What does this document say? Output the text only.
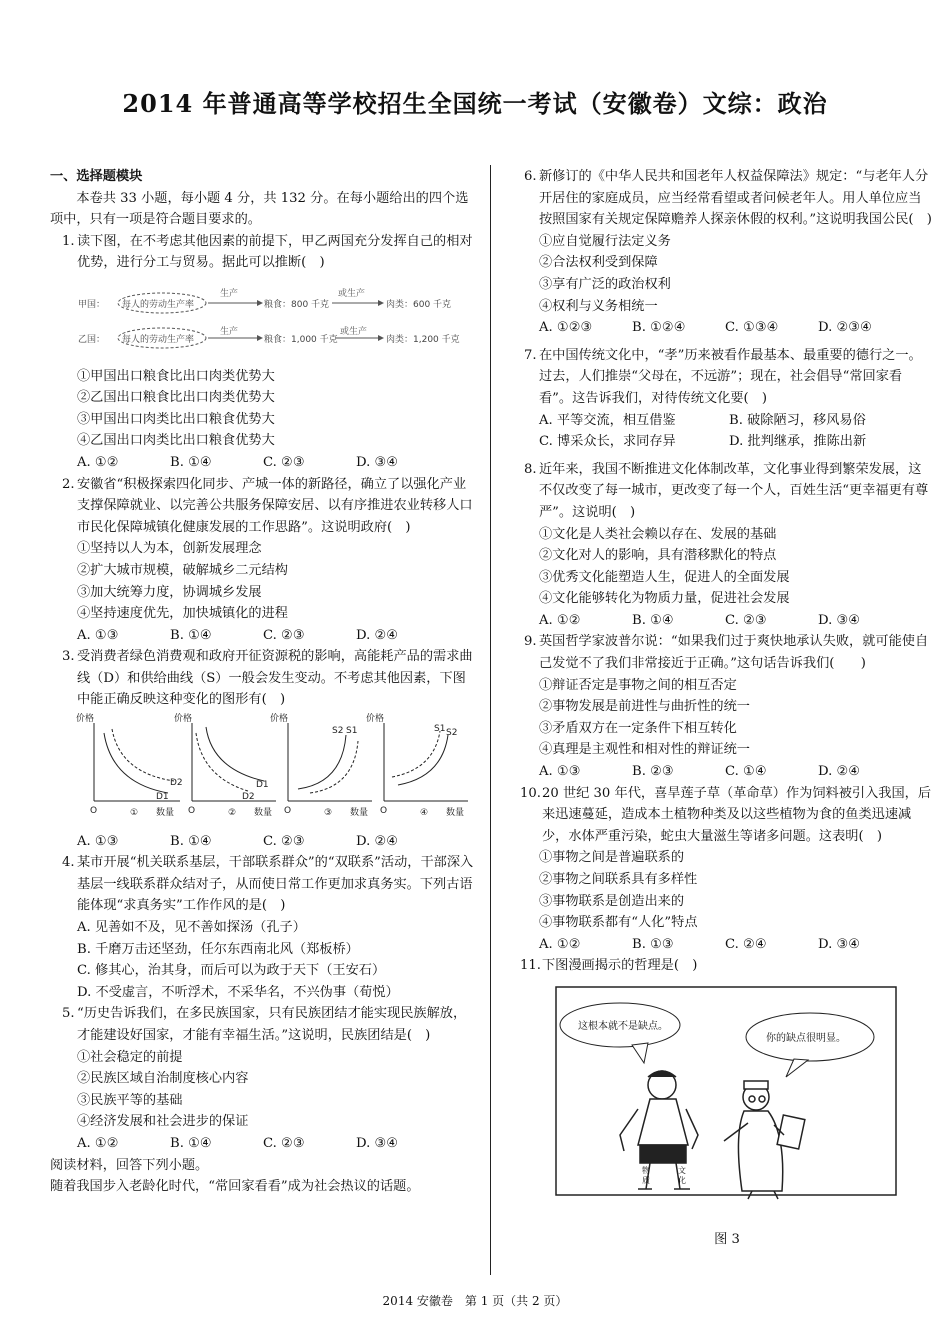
2014 年普通高等学校招生全国统一考试（安徽卷）文综：政治

一、选择题模块

本卷共 33 小题，每小题 4 分，共 132 分。在每小题给出的四个选项中，只有一项是符合题目要求的。

1. 读下图，在不考虑其他因素的前提下，甲乙两国充分发挥自己的相对优势，进行分工与贸易。据此可以推断(　)

甲国： 每人的劳动生产率
生产
粮食：800 千克
或生产
肉类：600 千克
乙国： 每人的劳动生产率
生产
粮食：1,000 千克
或生产
肉类：1,200 千克

①甲国出口粮食比出口肉类优势大

②乙国出口粮食比出口肉类优势大

③甲国出口肉类比出口粮食优势大

④乙国出口肉类比出口粮食优势大

A. ①②	B. ①④	C. ②③	D. ③④

2. 安徽省“积极探索四化同步、产城一体的新路径，确立了以强化产业支撑保障就业、以完善公共服务保障安居、以有序推进农业转移人口市民化保障城镇化健康发展的工作思路”。这说明政府(　)

①坚持以人为本，创新发展理念

②扩大城市规模，破解城乡二元结构

③加大统筹力度，协调城乡发展

④坚持速度优先，加快城镇化的进程

A. ①③	B. ①④	C. ②③	D. ②④

3. 受消费者绿色消费观和政府开征资源税的影响，高能耗产品的需求曲线（D）和供给曲线（S）一般会发生变动。不考虑其他因素，下图中能正确反映这种变化的图形有(　)

价格	价格	价格	价格
O	O	O	O
数量	数量	数量	数量
D2
D1
D1
D2
S2 S1	S1 S2
①	②	③	④

A. ①③	B. ①④	C. ②③	D. ②④

4. 某市开展“机关联系基层，干部联系群众”的“双联系”活动，干部深入基层一线联系群众结对子，从而使日常工作更加求真务实。下列古语能体现“求真务实”工作作风的是(　)

A. 见善如不及，见不善如探汤（孔子）

B. 千磨万击还坚劲，任尔东西南北风（郑板桥）

C. 修其心，治其身，而后可以为政于天下（王安石）

D. 不受虚言，不听浮术，不采华名，不兴伪事（荀悦）

5. “历史告诉我们，在多民族国家，只有民族团结才能实现民族解放，才能建设好国家，才能有幸福生活。”这说明，民族团结是(　)

①社会稳定的前提

②民族区域自治制度核心内容

③民族平等的基础

④经济发展和社会进步的保证

A. ①②	B. ①④	C. ②③	D. ③④

阅读材料，回答下列小题。

随着我国步入老龄化时代，“常回家看看”成为社会热议的话题。

6. 新修订的《中华人民共和国老年人权益保障法》规定：“与老年人分开居住的家庭成员，应当经常看望或者问候老年人。用人单位应当按照国家有关规定保障赡养人探亲休假的权利。”这说明我国公民(　)

①应自觉履行法定义务

②合法权利受到保障

③享有广泛的政治权利

④权利与义务相统一

A. ①②③	B. ①②④	C. ①③④	D. ②③④

7. 在中国传统文化中，“孝”历来被看作最基本、最重要的德行之一。过去，人们推崇“父母在，不远游”；现在，社会倡导“常回家看看”。这告诉我们，对待传统文化要(　)

A. 平等交流，相互借鉴	B. 破除陋习，移风易俗

C. 博采众长，求同存异	D. 批判继承，推陈出新

8. 近年来，我国不断推进文化体制改革，文化事业得到繁荣发展，这不仅改变了每一城市，更改变了每一个人，百姓生活“更幸福更有尊严”。这说明(　)

①文化是人类社会赖以存在、发展的基础

②文化对人的影响，具有潜移默化的特点

③优秀文化能塑造人生，促进人的全面发展

④文化能够转化为物质力量，促进社会发展

A. ①②	B. ①④	C. ②③	D. ③④

9. 英国哲学家波普尔说：“如果我们过于爽快地承认失败，就可能使自己发觉不了我们非常接近于正确。”这句话告诉我们(　　)

①辩证否定是事物之间的相互否定

②事物发展是前进性与曲折性的统一

③矛盾双方在一定条件下相互转化

④真理是主观性和相对性的辩证统一

A. ①③	B. ②③	C. ①④	D. ②④

10.20 世纪 30 年代，喜旱莲子草（革命草）作为饲料被引入我国，后来迅速蔓延，造成本土植物种类及以这些植物为食的鱼类迅速减少，水体严重污染，蛇虫大量滋生等诸多问题。这表明(　)

①事物之间是普遍联系的

②事物之间联系具有多样性

③事物联系是创造出来的

④事物联系都有“人化”特点

A. ①②	B. ①③	C. ②④	D. ③④

11.下图漫画揭示的哲理是(　)

这根本就不是缺点。
你的缺点很明显。
物
质
文
化

图 3

2014 安徽卷　第 1 页（共 2 页）
